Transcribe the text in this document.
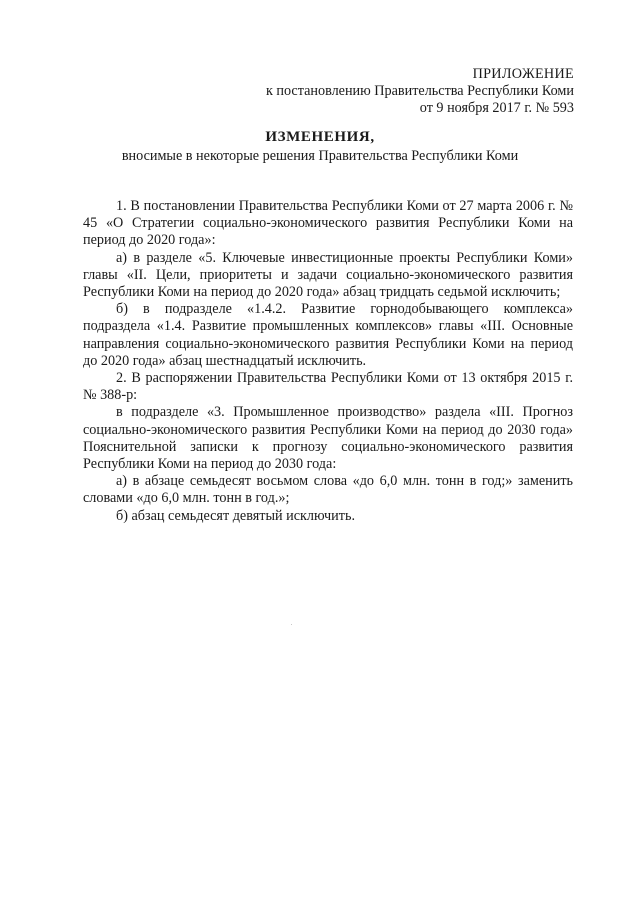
ПРИЛОЖЕНИЕ
к постановлению Правительства Республики Коми
от 9 ноября 2017 г. № 593
ИЗМЕНЕНИЯ,
вносимые в некоторые решения Правительства Республики Коми

1. В постановлении Правительства Республики Коми от 27 марта 2006 г. № 45 «О Стратегии социально-экономического развития Республики Коми на период до 2020 года»:

а) в разделе «5. Ключевые инвестиционные проекты Республики Коми» главы «II. Цели, приоритеты и задачи социально-экономического развития Республики Коми на период до 2020 года» абзац тридцать седьмой исключить;

б) в подразделе «1.4.2. Развитие горнодобывающего комплекса» подраздела «1.4. Развитие промышленных комплексов» главы «III. Основные направления социально-экономического развития Республики Коми на период до 2020 года» абзац шестнадцатый исключить.

2. В распоряжении Правительства Республики Коми от 13 октября 2015 г. № 388-р:

в подразделе «3. Промышленное производство» раздела «III. Прогноз социально-экономического развития Республики Коми на период до 2030 года» Пояснительной записки к прогнозу социально-экономического развития Республики Коми на период до 2030 года:

а) в абзаце семьдесят восьмом слова «до 6,0 млн. тонн в год;» заменить словами «до 6,0 млн. тонн в год.»;

б) абзац семьдесят девятый исключить.
